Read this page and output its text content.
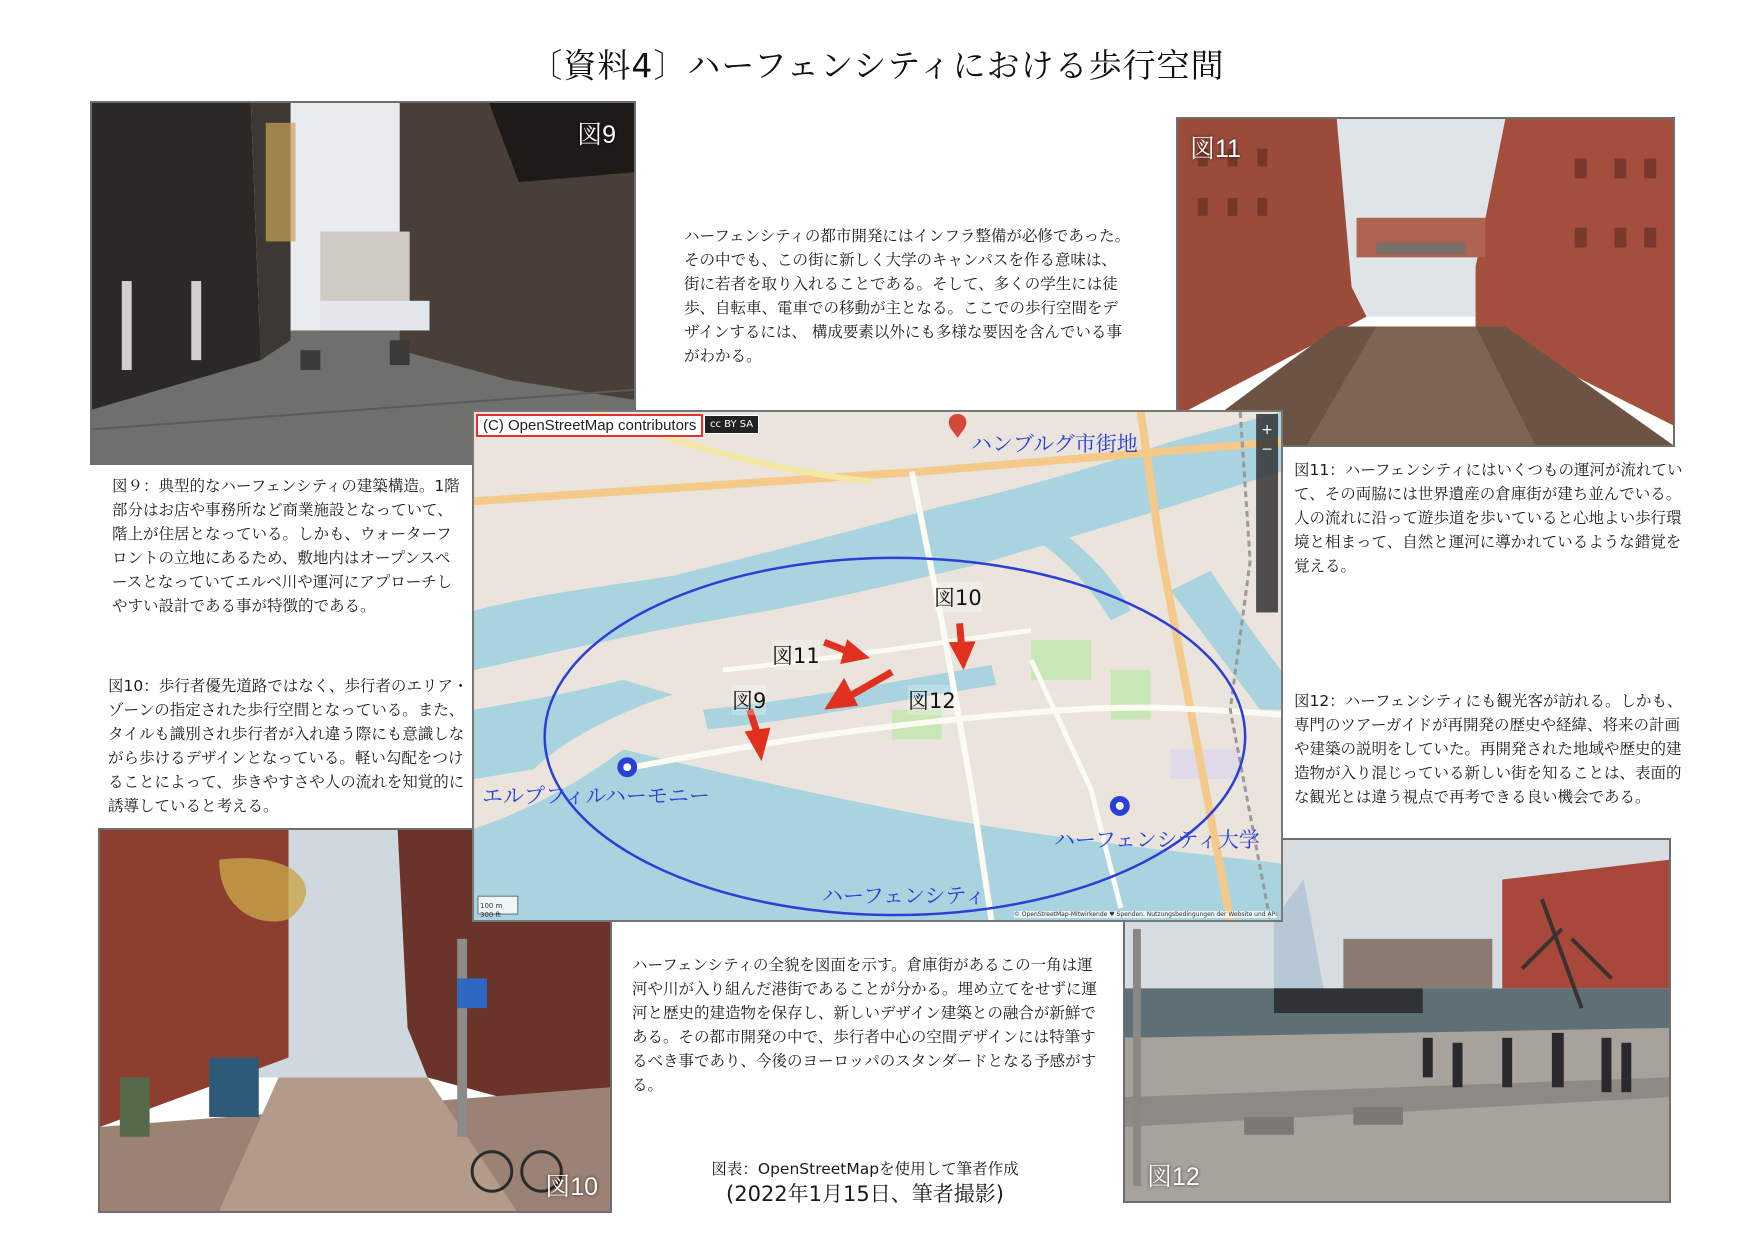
〔資料4〕ハーフェンシティにおける歩行空間
ハーフェンシティの都市開発にはインフラ整備が必修であった。その中でも、この街に新しく大学のキャンパスを作る意味は、街に若者を取り入れることである。そして、多くの学生には徒歩、自転車、電車での移動が主となる。ここでの歩行空間をデザインするには、 構成要素以外にも多様な要因を含んでいる事がわかる。
図9
図９：典型的なハーフェンシティの建築構造。1階部分はお店や事務所など商業施設となっていて、階上が住居となっている。しかも、ウォーターフロントの立地にあるため、敷地内はオープンスペースとなっていてエルベ川や運河にアプローチしやすい設計である事が特徴的である。
図10：歩行者優先道路ではなく、歩行者のエリア・ゾーンの指定された歩行空間となっている。また、タイルも識別され歩行者が入れ違う際にも意識しながら歩けるデザインとなっている。軽い勾配をつけることによって、歩きやすさや人の流れを知覚的に誘導していると考える。
図11
図11：ハーフェンシティにはいくつもの運河が流れていて、その両脇には世界遺産の倉庫街が建ち並んでいる。人の流れに沿って遊歩道を歩いていると心地よい歩行環境と相まって、自然と運河に導かれているような錯覚を覚える。
図12：ハーフェンシティにも観光客が訪れる。しかも、専門のツアーガイドが再開発の歴史や経緯、将来の計画や建築の説明をしていた。再開発された地域や歴史的建造物が入り混じっている新しい街を知ることは、表面的な観光とは違う視点で再考できる良い機会である。
図10
ハーフェンシティの全貌を図面を示す。倉庫街があるこの一角は運河や川が入り組んだ港街であることが分かる。埋め立てをせずに運河と歴史的建造物を保存し、新しいデザイン建築との融合が新鮮である。その都市開発の中で、歩行者中心の空間デザインには特筆するべき事であり、今後のヨーロッパのスタンダードとなる予感がする。
図表：OpenStreetMapを使用して筆者作成
(2022年1月15日、筆者撮影)
図12
+
−
(C) OpenStreetMap contributors	cc BY SA
ハンブルグ市街地
エルプフィルハーモニー
ハーフェンシティ大学
ハーフェンシティ
図10
図11
図9	図12
100 m
300 ft	© OpenStreetMap-Mitwirkende ♥ Spenden. Nutzungsbedingungen der Website und API
